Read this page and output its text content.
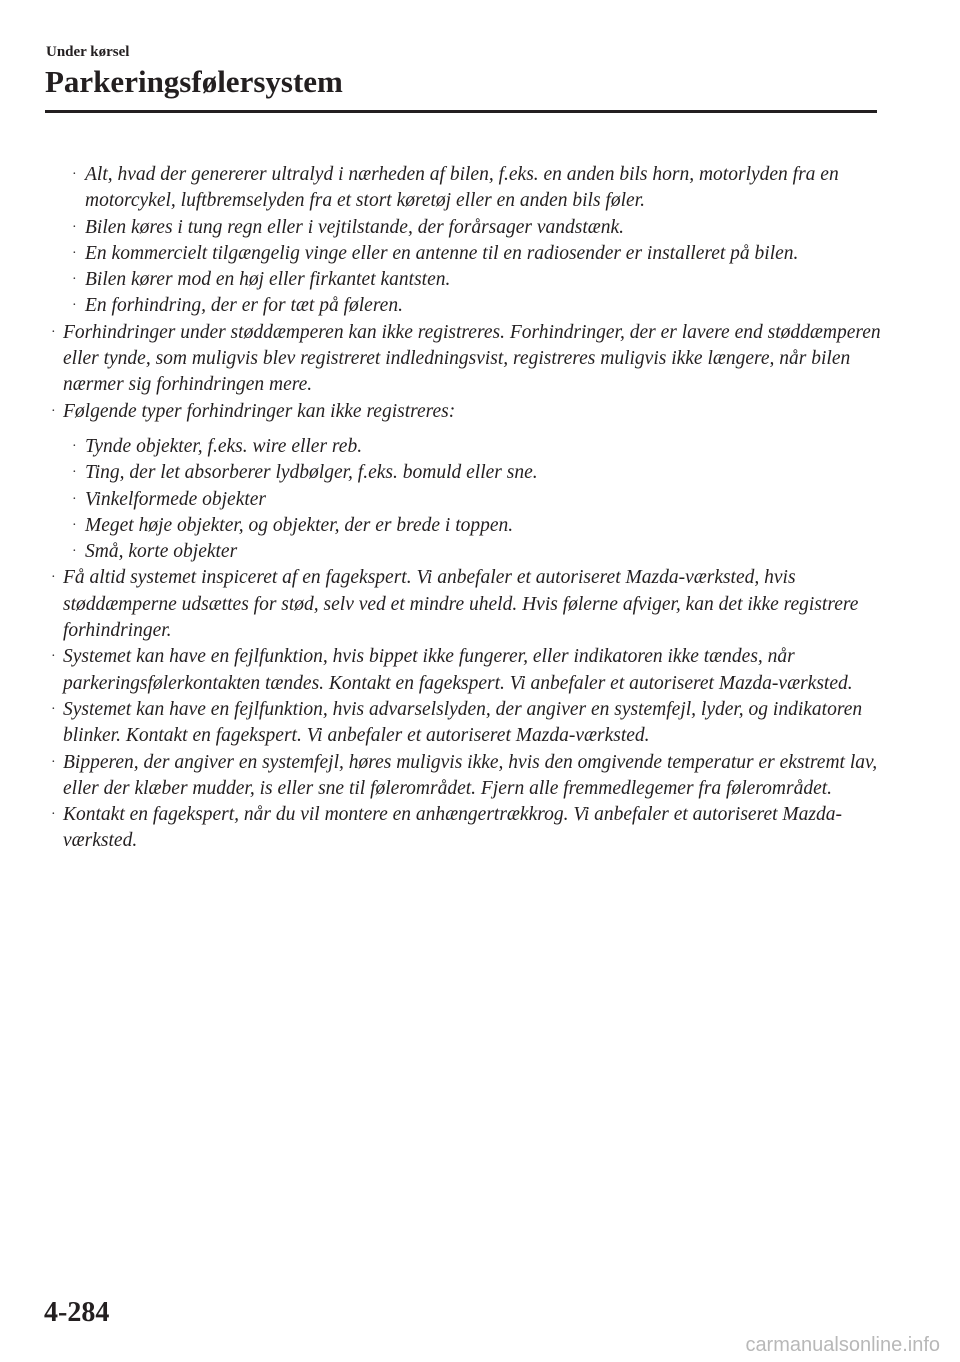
Under kørsel
Parkeringsfølersystem

· Alt, hvad der genererer ultralyd i nærheden af bilen, f.eks. en anden bils horn, motorlyden fra en motorcykel, luftbremselyden fra et stort køretøj eller en anden bils føler.

· Bilen køres i tung regn eller i vejtilstande, der forårsager vandstænk.

· En kommercielt tilgængelig vinge eller en antenne til en radiosender er installeret på bilen.

· Bilen kører mod en høj eller firkantet kantsten.

· En forhindring, der er for tæt på føleren.

· Forhindringer under støddæmperen kan ikke registreres. Forhindringer, der er lavere end støddæmperen eller tynde, som muligvis blev registreret indledningsvist, registreres muligvis ikke længere, når bilen nærmer sig forhindringen mere.

· Følgende typer forhindringer kan ikke registreres:

· Tynde objekter, f.eks. wire eller reb.

· Ting, der let absorberer lydbølger, f.eks. bomuld eller sne.

· Vinkelformede objekter

· Meget høje objekter, og objekter, der er brede i toppen.

· Små, korte objekter

· Få altid systemet inspiceret af en fagekspert. Vi anbefaler et autoriseret Mazda-værksted, hvis støddæmperne udsættes for stød, selv ved et mindre uheld. Hvis følerne afviger, kan det ikke registrere forhindringer.

· Systemet kan have en fejlfunktion, hvis bippet ikke fungerer, eller indikatoren ikke tændes, når parkeringsfølerkontakten tændes. Kontakt en fagekspert. Vi anbefaler et autoriseret Mazda-værksted.

· Systemet kan have en fejlfunktion, hvis advarselslyden, der angiver en systemfejl, lyder, og indikatoren blinker. Kontakt en fagekspert. Vi anbefaler et autoriseret Mazda-værksted.

· Bipperen, der angiver en systemfejl, høres muligvis ikke, hvis den omgivende temperatur er ekstremt lav, eller der klæber mudder, is eller sne til følerområdet. Fjern alle fremmedlegemer fra følerområdet.

· Kontakt en fagekspert, når du vil montere en anhængertrækkrog. Vi anbefaler et autoriseret Mazda-værksted.

4-284
carmanualsonline.info
